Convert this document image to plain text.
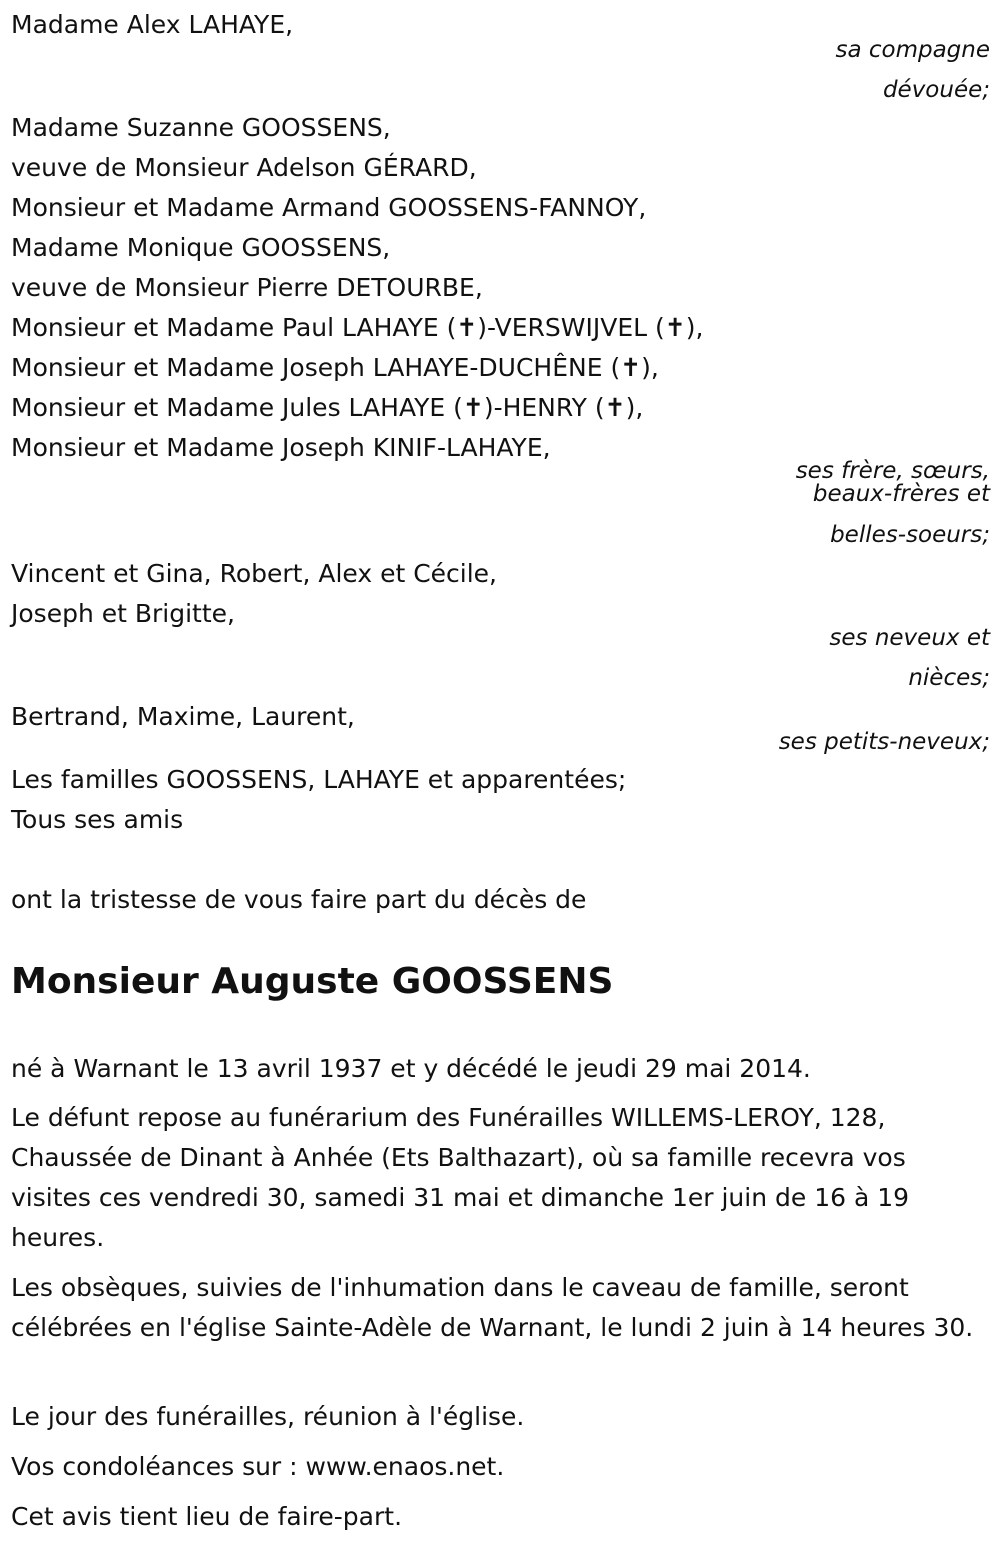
Madame Alex LAHAYE,
sa compagne
dévouée;
Madame Suzanne GOOSSENS,
veuve de Monsieur Adelson GÉRARD,
Monsieur et Madame Armand GOOSSENS-FANNOY,
Madame Monique GOOSSENS,
veuve de Monsieur Pierre DETOURBE,
Monsieur et Madame Paul LAHAYE (✝)-VERSWIJVEL (✝),
Monsieur et Madame Joseph LAHAYE-DUCHÊNE (✝),
Monsieur et Madame Jules LAHAYE (✝)-HENRY (✝),
Monsieur et Madame Joseph KINIF-LAHAYE,
ses frère, sœurs,
beaux-frères et
belles-soeurs;
Vincent et Gina, Robert, Alex et Cécile,
Joseph et Brigitte,
ses neveux et
nièces;
Bertrand, Maxime, Laurent,
ses petits-neveux;
Les familles GOOSSENS, LAHAYE et apparentées;
Tous ses amis
ont la tristesse de vous faire part du décès de
Monsieur Auguste GOOSSENS
né à Warnant le 13 avril 1937 et y décédé le jeudi 29 mai 2014.
Le défunt repose au funérarium des Funérailles WILLEMS-LEROY, 128, Chaussée de Dinant à Anhée (Ets Balthazart), où sa famille recevra vos visites ces vendredi 30, samedi 31 mai et dimanche 1er juin de 16 à 19 heures.
Les obsèques, suivies de l'inhumation dans le caveau de famille, seront célébrées en l'église Sainte-Adèle de Warnant, le lundi 2 juin à 14 heures 30.
Le jour des funérailles, réunion à l'église.
Vos condoléances sur : www.enaos.net.
Cet avis tient lieu de faire-part.
